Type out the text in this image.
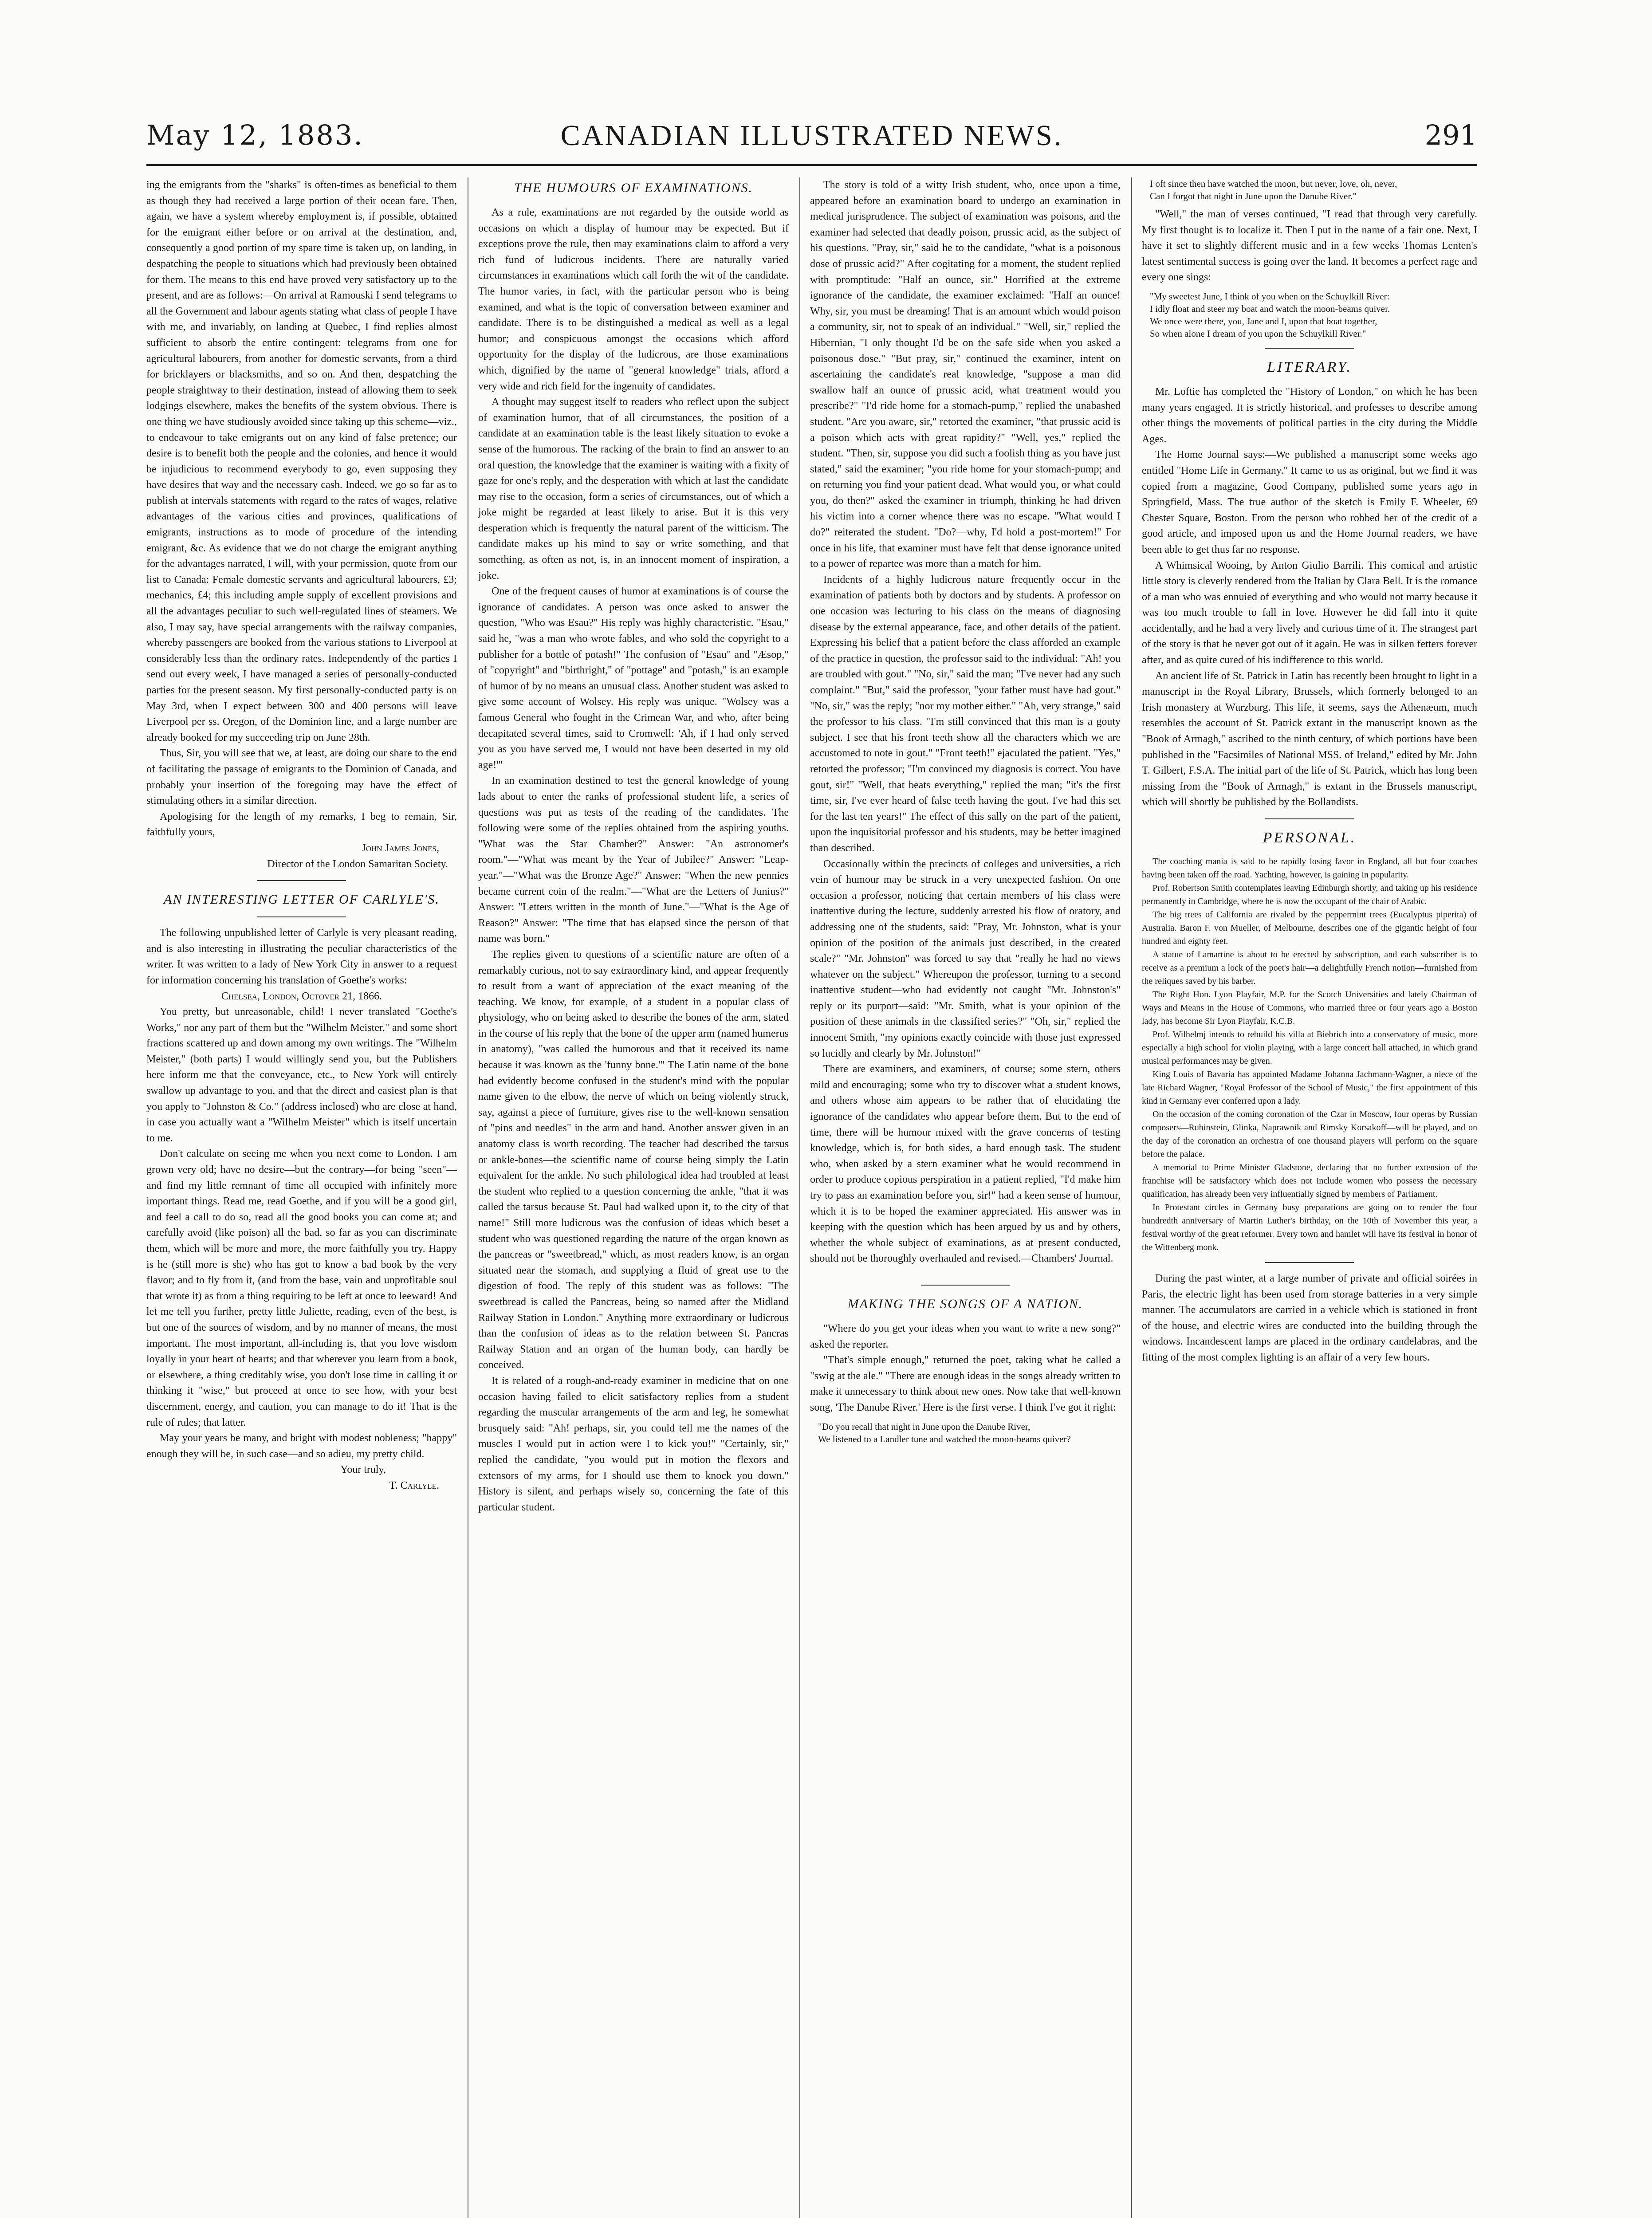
May 12, 1883.	CANADIAN ILLUSTRATED NEWS.	291

ing the emigrants from the "sharks" is often-times as beneficial to them as though they had received a large portion of their ocean fare. Then, again, we have a system whereby employment is, if possible, obtained for the emigrant either before or on arrival at the destination, and, consequently a good portion of my spare time is taken up, on landing, in despatching the people to situations which had previously been obtained for them. The means to this end have proved very satisfactory up to the present, and are as follows:—On arrival at Ramouski I send telegrams to all the Government and labour agents stating what class of people I have with me, and invariably, on landing at Quebec, I find replies almost sufficient to absorb the entire contingent: telegrams from one for agricultural labourers, from another for domestic servants, from a third for bricklayers or blacksmiths, and so on. And then, despatching the people straightway to their destination, instead of allowing them to seek lodgings elsewhere, makes the benefits of the system obvious. There is one thing we have studiously avoided since taking up this scheme—viz., to endeavour to take emigrants out on any kind of false pretence; our desire is to benefit both the people and the colonies, and hence it would be injudicious to recommend everybody to go, even supposing they have desires that way and the necessary cash. Indeed, we go so far as to publish at intervals statements with regard to the rates of wages, relative advantages of the various cities and provinces, qualifications of emigrants, instructions as to mode of procedure of the intending emigrant, &c. As evidence that we do not charge the emigrant anything for the advantages narrated, I will, with your permission, quote from our list to Canada: Female domestic servants and agricultural labourers, £3; mechanics, £4; this including ample supply of excellent provisions and all the advantages peculiar to such well-regulated lines of steamers. We also, I may say, have special arrangements with the railway companies, whereby passengers are booked from the various stations to Liverpool at considerably less than the ordinary rates. Independently of the parties I send out every week, I have managed a series of personally-conducted parties for the present season. My first personally-conducted party is on May 3rd, when I expect between 300 and 400 persons will leave Liverpool per ss. Oregon, of the Dominion line, and a large number are already booked for my succeeding trip on June 28th.

Thus, Sir, you will see that we, at least, are doing our share to the end of facilitating the passage of emigrants to the Dominion of Canada, and probably your insertion of the foregoing may have the effect of stimulating others in a similar direction.

Apologising for the length of my remarks, I beg to remain, Sir, faithfully yours,

John James Jones,

Director of the London Samaritan Society.

AN INTERESTING LETTER OF CARLYLE'S.

The following unpublished letter of Carlyle is very pleasant reading, and is also interesting in illustrating the peculiar characteristics of the writer. It was written to a lady of New York City in answer to a request for information concerning his translation of Goethe's works:

Chelsea, London, Octover 21, 1866.

You pretty, but unreasonable, child! I never translated "Goethe's Works," nor any part of them but the "Wilhelm Meister," and some short fractions scattered up and down among my own writings. The "Wilhelm Meister," (both parts) I would willingly send you, but the Publishers here inform me that the conveyance, etc., to New York will entirely swallow up advantage to you, and that the direct and easiest plan is that you apply to "Johnston & Co." (address inclosed) who are close at hand, in case you actually want a "Wilhelm Meister" which is itself uncertain to me.

Don't calculate on seeing me when you next come to London. I am grown very old; have no desire—but the contrary—for being "seen"—and find my little remnant of time all occupied with infinitely more important things. Read me, read Goethe, and if you will be a good girl, and feel a call to do so, read all the good books you can come at; and carefully avoid (like poison) all the bad, so far as you can discriminate them, which will be more and more, the more faithfully you try. Happy is he (still more is she) who has got to know a bad book by the very flavor; and to fly from it, (and from the base, vain and unprofitable soul that wrote it) as from a thing requiring to be left at once to leeward! And let me tell you further, pretty little Juliette, reading, even of the best, is but one of the sources of wisdom, and by no manner of means, the most important. The most important, all-including is, that you love wisdom loyally in your heart of hearts; and that wherever you learn from a book, or elsewhere, a thing creditably wise, you don't lose time in calling it or thinking it "wise," but proceed at once to see how, with your best discernment, energy, and caution, you can manage to do it! That is the rule of rules; that latter.

May your years be many, and bright with modest nobleness; "happy" enough they will be, in such case—and so adieu, my pretty child.

Your truly,

T. Carlyle.

THE HUMOURS OF EXAMINATIONS.

As a rule, examinations are not regarded by the outside world as occasions on which a display of humour may be expected. But if exceptions prove the rule, then may examinations claim to afford a very rich fund of ludicrous incidents. There are naturally varied circumstances in examinations which call forth the wit of the candidate. The humor varies, in fact, with the particular person who is being examined, and what is the topic of conversation between examiner and candidate. There is to be distinguished a medical as well as a legal humor; and conspicuous amongst the occasions which afford opportunity for the display of the ludicrous, are those examinations which, dignified by the name of "general knowledge" trials, afford a very wide and rich field for the ingenuity of candidates.

A thought may suggest itself to readers who reflect upon the subject of examination humor, that of all circumstances, the position of a candidate at an examination table is the least likely situation to evoke a sense of the humorous. The racking of the brain to find an answer to an oral question, the knowledge that the examiner is waiting with a fixity of gaze for one's reply, and the desperation with which at last the candidate may rise to the occasion, form a series of circumstances, out of which a joke might be regarded at least likely to arise. But it is this very desperation which is frequently the natural parent of the witticism. The candidate makes up his mind to say or write something, and that something, as often as not, is, in an innocent moment of inspiration, a joke.

One of the frequent causes of humor at examinations is of course the ignorance of candidates. A person was once asked to answer the question, "Who was Esau?" His reply was highly characteristic. "Esau," said he, "was a man who wrote fables, and who sold the copyright to a publisher for a bottle of potash!" The confusion of "Esau" and "Æsop," of "copyright" and "birthright," of "pottage" and "potash," is an example of humor of by no means an unusual class. Another student was asked to give some account of Wolsey. His reply was unique. "Wolsey was a famous General who fought in the Crimean War, and who, after being decapitated several times, said to Cromwell: 'Ah, if I had only served you as you have served me, I would not have been deserted in my old age!'"

In an examination destined to test the general knowledge of young lads about to enter the ranks of professional student life, a series of questions was put as tests of the reading of the candidates. The following were some of the replies obtained from the aspiring youths. "What was the Star Chamber?" Answer: "An astronomer's room."—"What was meant by the Year of Jubilee?" Answer: "Leap-year."—"What was the Bronze Age?" Answer: "When the new pennies became current coin of the realm."—"What are the Letters of Junius?" Answer: "Letters written in the month of June."—"What is the Age of Reason?" Answer: "The time that has elapsed since the person of that name was born."

The replies given to questions of a scientific nature are often of a remarkably curious, not to say extraordinary kind, and appear frequently to result from a want of appreciation of the exact meaning of the teaching. We know, for example, of a student in a popular class of physiology, who on being asked to describe the bones of the arm, stated in the course of his reply that the bone of the upper arm (named humerus in anatomy), "was called the humorous and that it received its name because it was known as the 'funny bone.'" The Latin name of the bone had evidently become confused in the student's mind with the popular name given to the elbow, the nerve of which on being violently struck, say, against a piece of furniture, gives rise to the well-known sensation of "pins and needles" in the arm and hand. Another answer given in an anatomy class is worth recording. The teacher had described the tarsus or ankle-bones—the scientific name of course being simply the Latin equivalent for the ankle. No such philological idea had troubled at least the student who replied to a question concerning the ankle, "that it was called the tarsus because St. Paul had walked upon it, to the city of that name!" Still more ludicrous was the confusion of ideas which beset a student who was questioned regarding the nature of the organ known as the pancreas or "sweetbread," which, as most readers know, is an organ situated near the stomach, and supplying a fluid of great use to the digestion of food. The reply of this student was as follows: "The sweetbread is called the Pancreas, being so named after the Midland Railway Station in London." Anything more extraordinary or ludicrous than the confusion of ideas as to the relation between St. Pancras Railway Station and an organ of the human body, can hardly be conceived.

It is related of a rough-and-ready examiner in medicine that on one occasion having failed to elicit satisfactory replies from a student regarding the muscular arrangements of the arm and leg, he somewhat brusquely said: "Ah! perhaps, sir, you could tell me the names of the muscles I would put in action were I to kick you!" "Certainly, sir," replied the candidate, "you would put in motion the flexors and extensors of my arms, for I should use them to knock you down." History is silent, and perhaps wisely so, concerning the fate of this particular student.

The story is told of a witty Irish student, who, once upon a time, appeared before an examination board to undergo an examination in medical jurisprudence. The subject of examination was poisons, and the examiner had selected that deadly poison, prussic acid, as the subject of his questions. "Pray, sir," said he to the candidate, "what is a poisonous dose of prussic acid?" After cogitating for a moment, the student replied with promptitude: "Half an ounce, sir." Horrified at the extreme ignorance of the candidate, the examiner exclaimed: "Half an ounce! Why, sir, you must be dreaming! That is an amount which would poison a community, sir, not to speak of an individual." "Well, sir," replied the Hibernian, "I only thought I'd be on the safe side when you asked a poisonous dose." "But pray, sir," continued the examiner, intent on ascertaining the candidate's real knowledge, "suppose a man did swallow half an ounce of prussic acid, what treatment would you prescribe?" "I'd ride home for a stomach-pump," replied the unabashed student. "Are you aware, sir," retorted the examiner, "that prussic acid is a poison which acts with great rapidity?" "Well, yes," replied the student. "Then, sir, suppose you did such a foolish thing as you have just stated," said the examiner; "you ride home for your stomach-pump; and on returning you find your patient dead. What would you, or what could you, do then?" asked the examiner in triumph, thinking he had driven his victim into a corner whence there was no escape. "What would I do?" reiterated the student. "Do?—why, I'd hold a post-mortem!" For once in his life, that examiner must have felt that dense ignorance united to a power of repartee was more than a match for him.

Incidents of a highly ludicrous nature frequently occur in the examination of patients both by doctors and by students. A professor on one occasion was lecturing to his class on the means of diagnosing disease by the external appearance, face, and other details of the patient. Expressing his belief that a patient before the class afforded an example of the practice in question, the professor said to the individual: "Ah! you are troubled with gout." "No, sir," said the man; "I've never had any such complaint." "But," said the professor, "your father must have had gout." "No, sir," was the reply; "nor my mother either." "Ah, very strange," said the professor to his class. "I'm still convinced that this man is a gouty subject. I see that his front teeth show all the characters which we are accustomed to note in gout." "Front teeth!" ejaculated the patient. "Yes," retorted the professor; "I'm convinced my diagnosis is correct. You have gout, sir!" "Well, that beats everything," replied the man; "it's the first time, sir, I've ever heard of false teeth having the gout. I've had this set for the last ten years!" The effect of this sally on the part of the patient, upon the inquisitorial professor and his students, may be better imagined than described.

Occasionally within the precincts of colleges and universities, a rich vein of humour may be struck in a very unexpected fashion. On one occasion a professor, noticing that certain members of his class were inattentive during the lecture, suddenly arrested his flow of oratory, and addressing one of the students, said: "Pray, Mr. Johnston, what is your opinion of the position of the animals just described, in the created scale?" "Mr. Johnston" was forced to say that "really he had no views whatever on the subject." Whereupon the professor, turning to a second inattentive student—who had evidently not caught "Mr. Johnston's" reply or its purport—said: "Mr. Smith, what is your opinion of the position of these animals in the classified series?" "Oh, sir," replied the innocent Smith, "my opinions exactly coincide with those just expressed so lucidly and clearly by Mr. Johnston!"

There are examiners, and examiners, of course; some stern, others mild and encouraging; some who try to discover what a student knows, and others whose aim appears to be rather that of elucidating the ignorance of the candidates who appear before them. But to the end of time, there will be humour mixed with the grave concerns of testing knowledge, which is, for both sides, a hard enough task. The student who, when asked by a stern examiner what he would recommend in order to produce copious perspiration in a patient replied, "I'd make him try to pass an examination before you, sir!" had a keen sense of humour, which it is to be hoped the examiner appreciated. His answer was in keeping with the question which has been argued by us and by others, whether the whole subject of examinations, as at present conducted, should not be thoroughly overhauled and revised.—Chambers' Journal.

MAKING THE SONGS OF A NATION.

"Where do you get your ideas when you want to write a new song?" asked the reporter.

"That's simple enough," returned the poet, taking what he called a "swig at the ale." "There are enough ideas in the songs already written to make it unnecessary to think about new ones. Now take that well-known song, 'The Danube River.' Here is the first verse. I think I've got it right:

"Do you recall that night in June upon the Danube River,
We listened to a Landler tune and watched the moon-beams quiver?
I oft since then have watched the moon, but never, love, oh, never,
Can I forgot that night in June upon the Danube River."

"Well," the man of verses continued, "I read that through very carefully. My first thought is to localize it. Then I put in the name of a fair one. Next, I have it set to slightly different music and in a few weeks Thomas Lenten's latest sentimental success is going over the land. It becomes a perfect rage and every one sings:

"My sweetest June, I think of you when on the Schuylkill River:
I idly float and steer my boat and watch the moon-beams quiver.
We once were there, you, Jane and I, upon that boat together,
So when alone I dream of you upon the Schuylkill River."
LITERARY.

Mr. Loftie has completed the "History of London," on which he has been many years engaged. It is strictly historical, and professes to describe among other things the movements of political parties in the city during the Middle Ages.

The Home Journal says:—We published a manuscript some weeks ago entitled "Home Life in Germany." It came to us as original, but we find it was copied from a magazine, Good Company, published some years ago in Springfield, Mass. The true author of the sketch is Emily F. Wheeler, 69 Chester Square, Boston. From the person who robbed her of the credit of a good article, and imposed upon us and the Home Journal readers, we have been able to get thus far no response.

A Whimsical Wooing, by Anton Giulio Barrili. This comical and artistic little story is cleverly rendered from the Italian by Clara Bell. It is the romance of a man who was ennuied of everything and who would not marry because it was too much trouble to fall in love. However he did fall into it quite accidentally, and he had a very lively and curious time of it. The strangest part of the story is that he never got out of it again. He was in silken fetters forever after, and as quite cured of his indifference to this world.

An ancient life of St. Patrick in Latin has recently been brought to light in a manuscript in the Royal Library, Brussels, which formerly belonged to an Irish monastery at Wurzburg. This life, it seems, says the Athenæum, much resembles the account of St. Patrick extant in the manuscript known as the "Book of Armagh," ascribed to the ninth century, of which portions have been published in the "Facsimiles of National MSS. of Ireland," edited by Mr. John T. Gilbert, F.S.A. The initial part of the life of St. Patrick, which has long been missing from the "Book of Armagh," is extant in the Brussels manuscript, which will shortly be published by the Bollandists.

PERSONAL.

The coaching mania is said to be rapidly losing favor in England, all but four coaches having been taken off the road. Yachting, however, is gaining in popularity.

Prof. Robertson Smith contemplates leaving Edinburgh shortly, and taking up his residence permanently in Cambridge, where he is now the occupant of the chair of Arabic.

The big trees of California are rivaled by the peppermint trees (Eucalyptus piperita) of Australia. Baron F. von Mueller, of Melbourne, describes one of the gigantic height of four hundred and eighty feet.

A statue of Lamartine is about to be erected by subscription, and each subscriber is to receive as a premium a lock of the poet's hair—a delightfully French notion—furnished from the reliques saved by his barber.

The Right Hon. Lyon Playfair, M.P. for the Scotch Universities and lately Chairman of Ways and Means in the House of Commons, who married three or four years ago a Boston lady, has become Sir Lyon Playfair, K.C.B.

Prof. Wilhelmj intends to rebuild his villa at Biebrich into a conservatory of music, more especially a high school for violin playing, with a large concert hall attached, in which grand musical performances may be given.

King Louis of Bavaria has appointed Madame Johanna Jachmann-Wagner, a niece of the late Richard Wagner, "Royal Professor of the School of Music," the first appointment of this kind in Germany ever conferred upon a lady.

On the occasion of the coming coronation of the Czar in Moscow, four operas by Russian composers—Rubinstein, Glinka, Naprawnik and Rimsky Korsakoff—will be played, and on the day of the coronation an orchestra of one thousand players will perform on the square before the palace.

A memorial to Prime Minister Gladstone, declaring that no further extension of the franchise will be satisfactory which does not include women who possess the necessary qualification, has already been very influentially signed by members of Parliament.

In Protestant circles in Germany busy preparations are going on to render the four hundredth anniversary of Martin Luther's birthday, on the 10th of November this year, a festival worthy of the great reformer. Every town and hamlet will have its festival in honor of the Wittenberg monk.

During the past winter, at a large number of private and official soirées in Paris, the electric light has been used from storage batteries in a very simple manner. The accumulators are carried in a vehicle which is stationed in front of the house, and electric wires are conducted into the building through the windows. Incandescent lamps are placed in the ordinary candelabras, and the fitting of the most complex lighting is an affair of a very few hours.
